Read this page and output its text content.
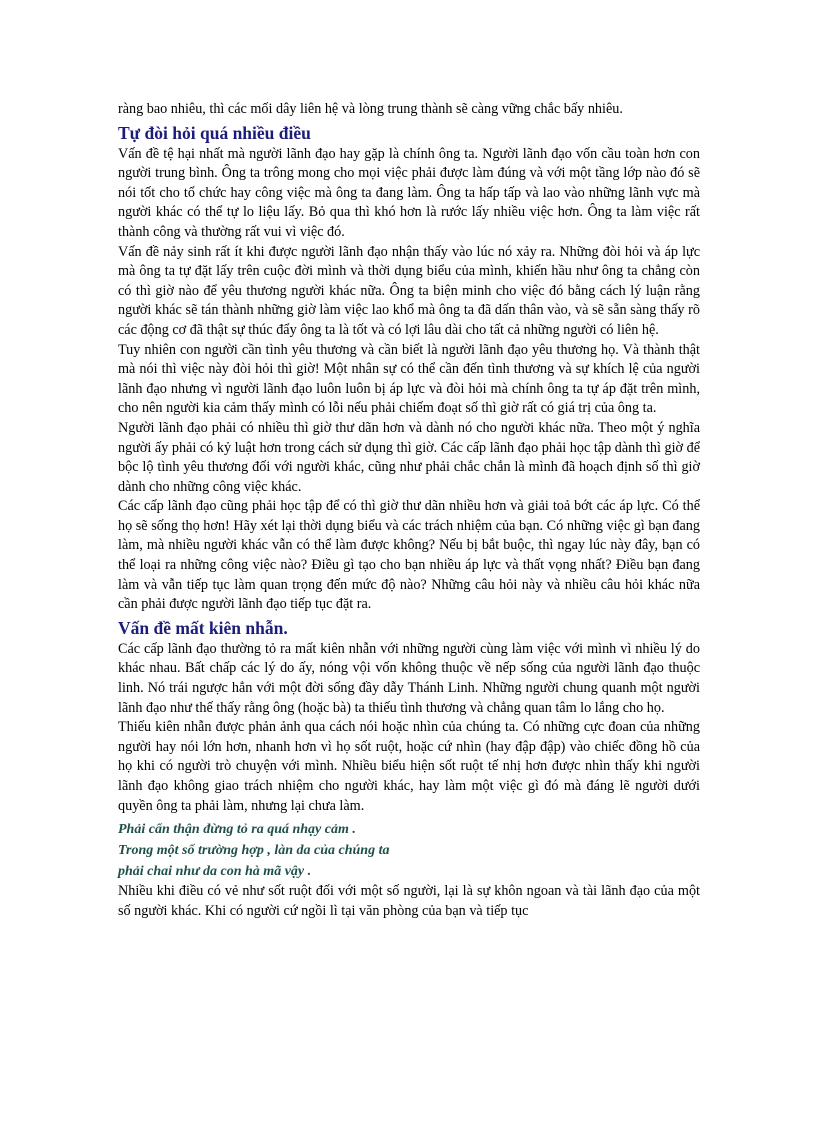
ràng bao nhiêu, thì các mối dây liên hệ và lòng trung thành sẽ càng vững chắc bấy nhiêu.

Tự đòi hỏi quá nhiều điều

Vấn đề tệ hại nhất mà người lãnh đạo hay gặp là chính ông ta. Người lãnh đạo vốn cầu toàn hơn con người trung bình. Ông ta trông mong cho mọi việc phải được làm đúng và với một tầng lớp nào đó sẽ nói tốt cho tổ chức hay công việc mà ông ta đang làm. Ông ta hấp tấp và lao vào những lãnh vực mà người khác có thể tự lo liệu lấy. Bỏ qua thì khó hơn là rước lấy nhiều việc hơn. Ông ta làm việc rất thành công và thường rất vui vì việc đó.

Vấn đề nảy sinh rất ít khi được người lãnh đạo nhận thấy vào lúc nó xảy ra. Những đòi hỏi và áp lực mà ông ta tự đặt lấy trên cuộc đời mình và thời dụng biểu của mình, khiến hầu như ông ta chẳng còn có thì giờ nào để yêu thương người khác nữa. Ông ta biện minh cho việc đó bằng cách lý luận rằng người khác sẽ tán thành những giờ làm việc lao khổ mà ông ta đã dấn thân vào, và sẽ sẵn sàng thấy rõ các động cơ đã thật sự thúc đẩy ông ta là tốt và có lợi lâu dài cho tất cả những người có liên hệ.

Tuy nhiên con người cần tình yêu thương và cần biết là người lãnh đạo yêu thương họ. Và thành thật mà nói thì việc này đòi hỏi thì giờ! Một nhân sự có thể cần đến tình thương và sự khích lệ của người lãnh đạo nhưng vì người lãnh đạo luôn luôn bị áp lực và đòi hỏi mà chính ông ta tự áp đặt trên mình, cho nên người kia cảm thấy mình có lỗi nếu phải chiếm đoạt số thì giờ rất có giá trị của ông ta.

Người lãnh đạo phải có nhiều thì giờ thư dãn hơn và dành nó cho người khác nữa. Theo một ý nghĩa người ấy phải có kỷ luật hơn trong cách sử dụng thì giờ. Các cấp lãnh đạo phải học tập dành thì giờ để bộc lộ tình yêu thương đối với người khác, cũng như phải chắc chắn là mình đã hoạch định số thì giờ dành cho những công việc khác.

Các cấp lãnh đạo cũng phải học tập để có thì giờ thư dãn nhiều hơn và giải toả bớt các áp lực. Có thể họ sẽ sống thọ hơn! Hãy xét lại thời dụng biểu và các trách nhiệm của bạn. Có những việc gì bạn đang làm, mà nhiều người khác vẫn có thể làm được không? Nếu bị bắt buộc, thì ngay lúc này đây, bạn có thể loại ra những công việc nào? Điều gì tạo cho bạn nhiều áp lực và thất vọng nhất? Điều bạn đang làm và vẫn tiếp tục làm quan trọng đến mức độ nào? Những câu hỏi này và nhiều câu hỏi khác nữa cần phải được người lãnh đạo tiếp tục đặt ra.

Vấn đề mất kiên nhẫn.

Các cấp lãnh đạo thường tỏ ra mất kiên nhẫn với những người cùng làm việc với mình vì nhiều lý do khác nhau. Bất chấp các lý do ấy, nóng vội vốn không thuộc về nếp sống của người lãnh đạo thuộc linh. Nó trái ngược hẳn với một đời sống đầy dẫy Thánh Linh. Những người chung quanh một người lãnh đạo như thế thấy rằng ông (hoặc bà) ta thiếu tình thương và chẳng quan tâm lo lắng cho họ.

Thiếu kiên nhẫn được phản ảnh qua cách nói hoặc nhìn của chúng ta. Có những cực đoan của những người hay nói lớn hơn, nhanh hơn vì họ sốt ruột, hoặc cứ nhìn (hay đập đập) vào chiếc đồng hồ của họ khi có người trò chuyện với mình. Nhiều biểu hiện sốt ruột tế nhị hơn được nhìn thấy khi người lãnh đạo không giao trách nhiệm cho người khác, hay làm một việc gì đó mà đáng lẽ người dưới quyền ông ta phải làm, nhưng lại chưa làm.

Phải cẩn thận đừng tỏ ra quá nhạy cảm .

Trong một số trường hợp , làn da của chúng ta

phải chai như da con hà mã vậy .

Nhiều khi điều có vẻ như sốt ruột đối với một số người, lại là sự khôn ngoan và tài lãnh đạo của một số người khác. Khi có người cứ ngồi lì tại văn phòng của bạn và tiếp tục
